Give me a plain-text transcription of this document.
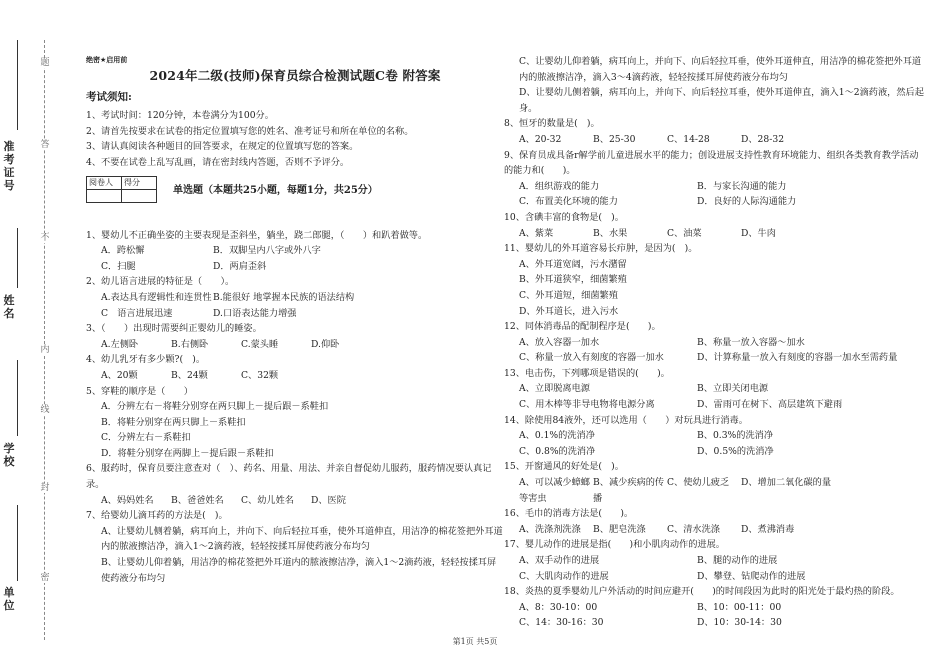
题
答
不
内
线
封
密
准考证号
姓名
学校
单位

绝密★启用前

2024年二级(技师)保育员综合检测试题C卷 附答案

考试须知:

1、考试时间：120分钟，本卷满分为100分。

2、请首先按要求在试卷的指定位置填写您的姓名、准考证号和所在单位的名称。

3、请认真阅读各种题目的回答要求，在规定的位置填写您的答案。

4、不要在试卷上乱写乱画，请在密封线内答题，否则不予评分。

阅卷人	得分

单选题（本题共25小题，每题1分，共25分）

1、婴幼儿不正确坐姿的主要表现是歪斜坐，躺坐，跷二郎腿，（　　）和趴着做等。

A．跨松懈	B．双脚呈内八字或外八字
C．扫腿	D．两肩歪斜

2、幼儿语言进展的特征是（　　）。

A.表达具有逻辑性和连贯性 B.能很好 地掌握本民族的语法结构
C　语言进展迅速	D.口语表达能力增强

3、（　　）出现时需要纠正婴幼儿的睡姿。

A.左侧卧	B.右侧卧	C.蒙头睡	D.仰卧

4、幼儿乳牙有多少颗?(　)。

A、20颗	B、24颗	C、32颗

5、穿鞋的顺序是（　　）

A．分辨左右－将鞋分别穿在两只脚上－提后跟－系鞋扣

B．将鞋分别穿在两只脚上－系鞋扣

C．分辨左右－系鞋扣

D．将鞋分别穿在两脚上－提后跟－系鞋扣

6、服药时，保育员要注意查对（　）、药名、用量、用法、并亲自督促幼儿服药，服药情况要认真记录。

A、妈妈姓名	B、爸爸姓名	C、幼儿姓名	D、医院

7、给婴幼儿滴耳药的方法是(　)。

A、让婴幼儿侧着躺，病耳向上，并向下、向后轻拉耳垂，使外耳道伸直，用洁净的棉花签把外耳道内的脓液擦洁净，滴入1～2滴药液，轻轻按揉耳屏使药液分布均匀

B、让婴幼儿仰着躺，用洁净的棉花签把外耳道内的脓液擦洁净，滴入1～2滴药液，轻轻按揉耳屏使药液分布均匀

C、让婴幼儿仰着躺，病耳向上，并向下、向后轻拉耳垂，使外耳道伸直，用洁净的棉花签把外耳道内的脓液擦洁净，滴入3～4滴药液，轻轻按揉耳屏使药液分布均匀

D、让婴幼儿侧着躺，病耳向上，并向下、向后轻拉耳垂，使外耳道伸直，滴入1～2滴药液，然后起身。

8、恒牙的数量是(　)。

A、20-32	B、25-30	C、14-28	D、28-32

9、保育员成具备r解学前儿童进展水平的能力；创设进展支持性教育环境能力、组织各类教育教学活动的能力和(　　)。

A．组织游戏的能力	B．与家长沟通的能力
C．布置美化环境的能力	D．良好的人际沟通能力

10、含碘丰富的食物是(　)。

A、紫菜	B、水果	C、油菜	D、牛肉

11、婴幼儿的外耳道容易长疖肿，是因为(　)。

A、外耳道宽阔，污水潴留

B、外耳道狭窄，细菌繁殖

C、外耳道短，细菌繁殖

D、外耳道长，进入污水

12、同体消毒品的配制程序是(　　)。

A、放入容器一加水	B、称量一放入容器～加水
C、称量一放入有刻度的容器一加水	D、计算称量一放入有刻度的容器一加水至需药量

13、电击伤，下列哪项是错误的(　　)。

A、立即脱离电源	B、立即关闭电源
C、用木棒等非导电物将电源分离	D、雷雨可在树下、高层建筑下避雨

14、除使用84液外，还可以选用（　　）对玩具进行消毒。

A、0.1%的洗消净	B、0.3%的洗消净
C、0.8%的洗消净	D、0.5%的洗消净

15、开窗通风的好处是(　)。

A、可以减少蟑螂等害虫
B、减少疾病的传播
C、使幼儿疲乏	D、增加二氧化碳的量

16、毛巾的消毒方法是(　　)。

A、洗涤剂洗涤	B、肥皂洗涤	C、清水洗涤	D、煮沸消毒

17、婴儿动作的进展是指(　　)和小肌肉动作的进展。

A、双手动作的进展	B、腿的动作的进展
C、大肌肉动作的进展	D、攀登、钻爬动作的进展

18、炎热的夏季婴幼儿户外活动的时间应避开(　　)的时间段因为此时的阳光处于最灼热的阶段。

A、8：30-10：00	B、10：00-11：00
C、14：30-16：30	D、10：30-14：30
第1页 共5页
